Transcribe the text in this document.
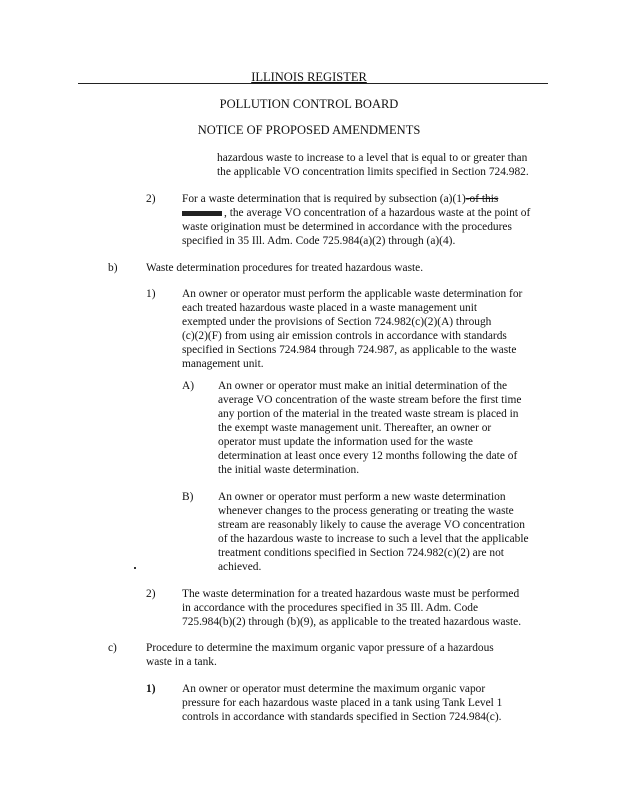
ILLINOIS REGISTER
POLLUTION CONTROL BOARD
NOTICE OF PROPOSED AMENDMENTS
hazardous waste to increase to a level that is equal to or greater than
the applicable VO concentration limits specified in Section 724.982.
2) For a waste determination that is required by subsection (a)(1)-of this
, the average VO concentration of a hazardous waste at the point of
waste origination must be determined in accordance with the procedures
specified in 35 Ill. Adm. Code 725.984(a)(2) through (a)(4).
b)	Waste determination procedures for treated hazardous waste.
1) An owner or operator must perform the applicable waste determination for
each treated hazardous waste placed in a waste management unit
exempted under the provisions of Section 724.982(c)(2)(A) through
(c)(2)(F) from using air emission controls in accordance with standards
specified in Sections 724.984 through 724.987, as applicable to the waste
management unit.
A) An owner or operator must make an initial determination of the
average VO concentration of the waste stream before the first time
any portion of the material in the treated waste stream is placed in
the exempt waste management unit. Thereafter, an owner or
operator must update the information used for the waste
determination at least once every 12 months following the date of
the initial waste determination.
B) An owner or operator must perform a new waste determination
whenever changes to the process generating or treating the waste
stream are reasonably likely to cause the average VO concentration
of the hazardous waste to increase to such a level that the applicable
treatment conditions specified in Section 724.982(c)(2) are not
achieved.
2) The waste determination for a treated hazardous waste must be performed
in accordance with the procedures specified in 35 Ill. Adm. Code
725.984(b)(2) through (b)(9), as applicable to the treated hazardous waste.
c)	Procedure to determine the maximum organic vapor pressure of a hazardous
waste in a tank.
1) An owner or operator must determine the maximum organic vapor
pressure for each hazardous waste placed in a tank using Tank Level 1
controls in accordance with standards specified in Section 724.984(c).
